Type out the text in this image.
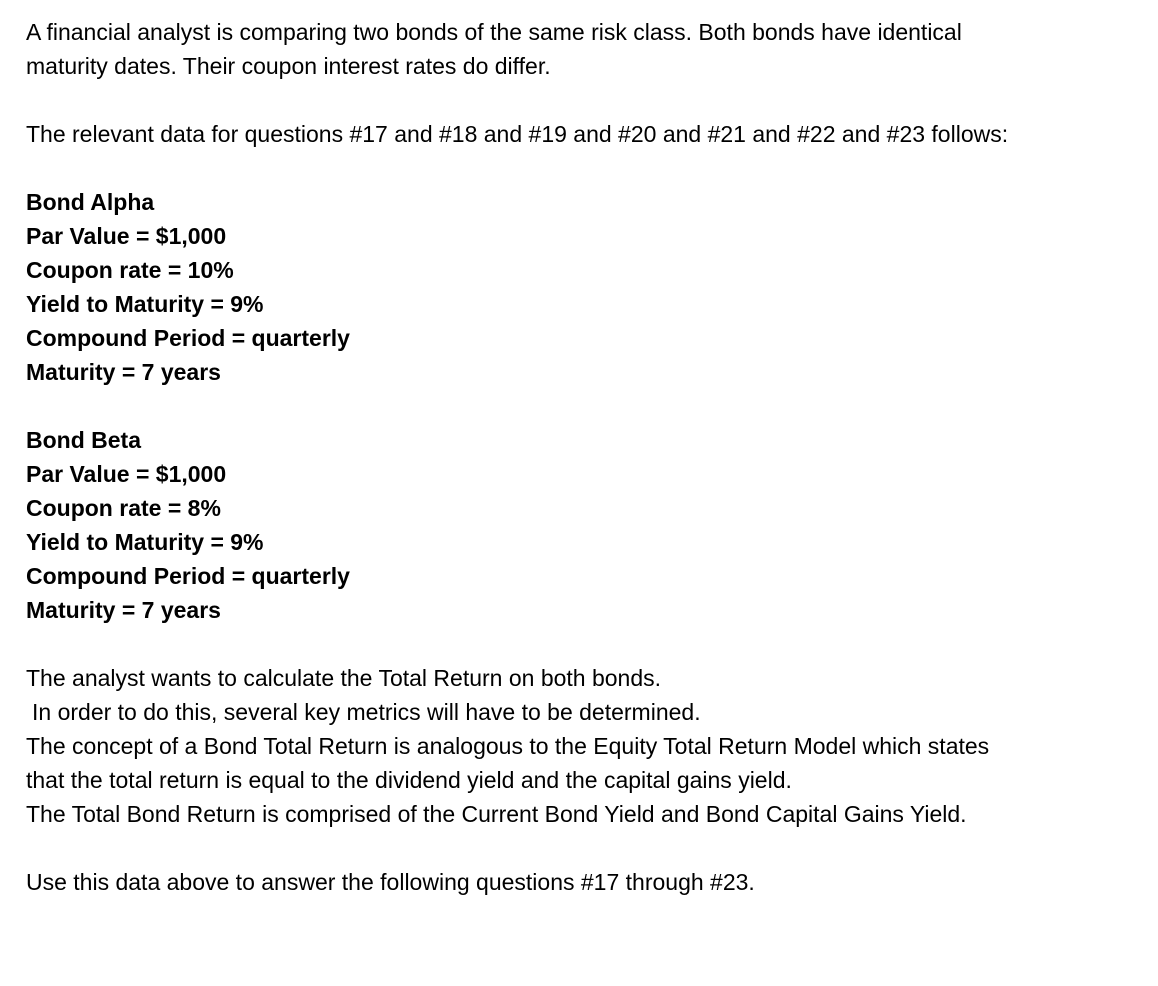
A financial analyst is comparing two bonds of the same risk class. Both bonds have identical
maturity dates. Their coupon interest rates do differ.

The relevant data for questions #17 and #18 and #19 and #20 and #21 and #22 and #23 follows:

Bond Alpha
Par Value = $1,000
Coupon rate = 10%
Yield to Maturity = 9%
Compound Period = quarterly
Maturity = 7 years
Bond Beta
Par Value = $1,000
Coupon rate = 8%
Yield to Maturity = 9%
Compound Period = quarterly
Maturity = 7 years

The analyst wants to calculate the Total Return on both bonds.
In order to do this, several key metrics will have to be determined.
The concept of a Bond Total Return is analogous to the Equity Total Return Model which states
that the total return is equal to the dividend yield and the capital gains yield.
The Total Bond Return is comprised of the Current Bond Yield and Bond Capital Gains Yield.

Use this data above to answer the following questions #17 through #23.
